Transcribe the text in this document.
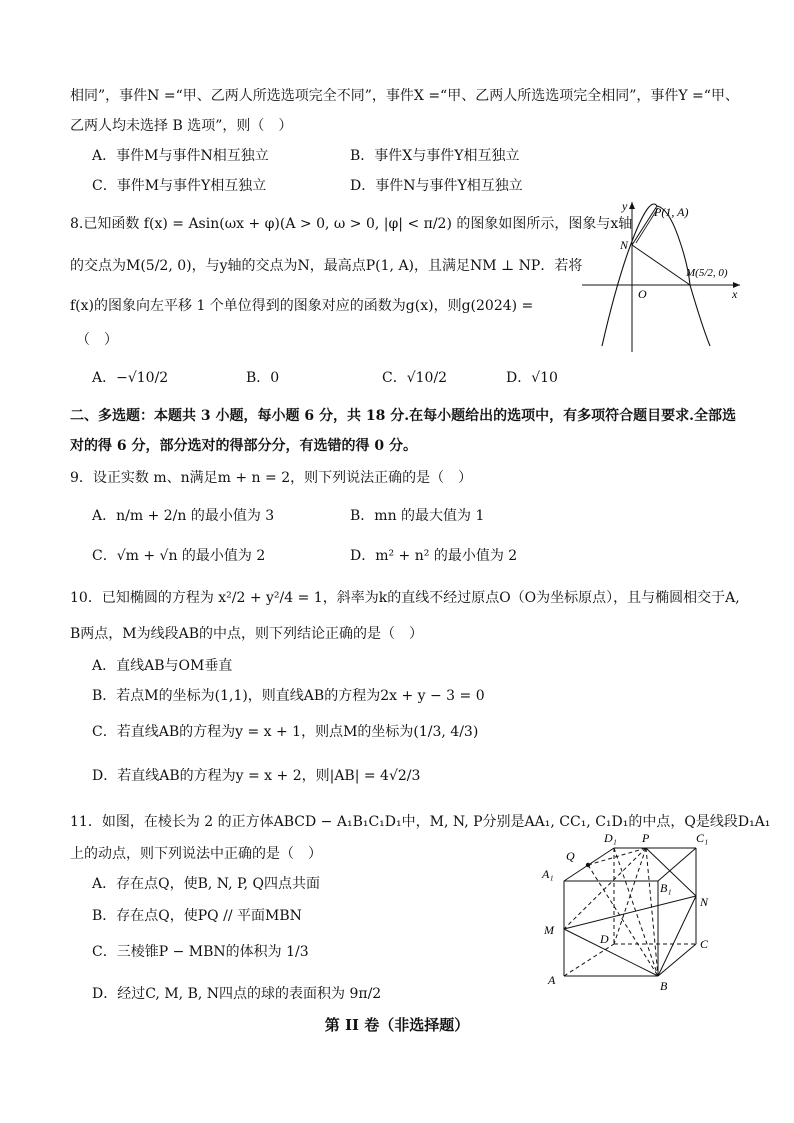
相同”，事件N =“甲、乙两人所选选项完全不同”，事件X =“甲、乙两人所选选项完全相同”，事件Y =“甲、
乙两人均未选择 B 选项”，则（　）
A．事件M与事件N相互独立	B．事件X与事件Y相互独立
C．事件M与事件Y相互独立	D．事件N与事件Y相互独立
8.已知函数 f(x) = Asin(ωx + φ)(A > 0, ω > 0, |φ| < π/2) 的图象如图所示，图象与x轴
的交点为M(5/2, 0)，与y轴的交点为N，最高点P(1, A)，且满足NM ⊥ NP．若将
f(x)的图象向左平移 1 个单位得到的图象对应的函数为g(x)，则g(2024) =
（　）
A．−√10/2	B．0	C．√10/2	D．√10
y
x
O
N
P(1, A)
M(5/2, 0)
二、多选题：本题共 3 小题，每小题 6 分，共 18 分.在每小题给出的选项中，有多项符合题目要求.全部选
对的得 6 分，部分选对的得部分分，有选错的得 0 分。
9．设正实数 m、n满足m + n = 2，则下列说法正确的是（　）
A．n/m + 2/n 的最小值为 3	B．mn 的最大值为 1
C．√m + √n 的最小值为 2	D．m² + n² 的最小值为 2
10．已知椭圆的方程为 x²/2 + y²/4 = 1，斜率为k的直线不经过原点O（O为坐标原点），且与椭圆相交于A,
B两点，M为线段AB的中点，则下列结论正确的是（　）
A．直线AB与OM垂直
B．若点M的坐标为(1,1)，则直线AB的方程为2x + y − 3 = 0
C．若直线AB的方程为y = x + 1，则点M的坐标为(1/3, 4/3)
D．若直线AB的方程为y = x + 2，则|AB| = 4√2/3
11．如图，在棱长为 2 的正方体ABCD − A₁B₁C₁D₁中，M, N, P分别是AA₁, CC₁, C₁D₁的中点，Q是线段D₁A₁
上的动点，则下列说法中正确的是（　）
A．存在点Q，使B, N, P, Q四点共面
B．存在点Q，使PQ // 平面MBN
C．三棱锥P − MBN的体积为 1/3
D．经过C, M, B, N四点的球的表面积为 9π/2
D₁ P	C₁
Q
A₁
B₁
N
M
D	C
A	B
第 II 卷（非选择题）
